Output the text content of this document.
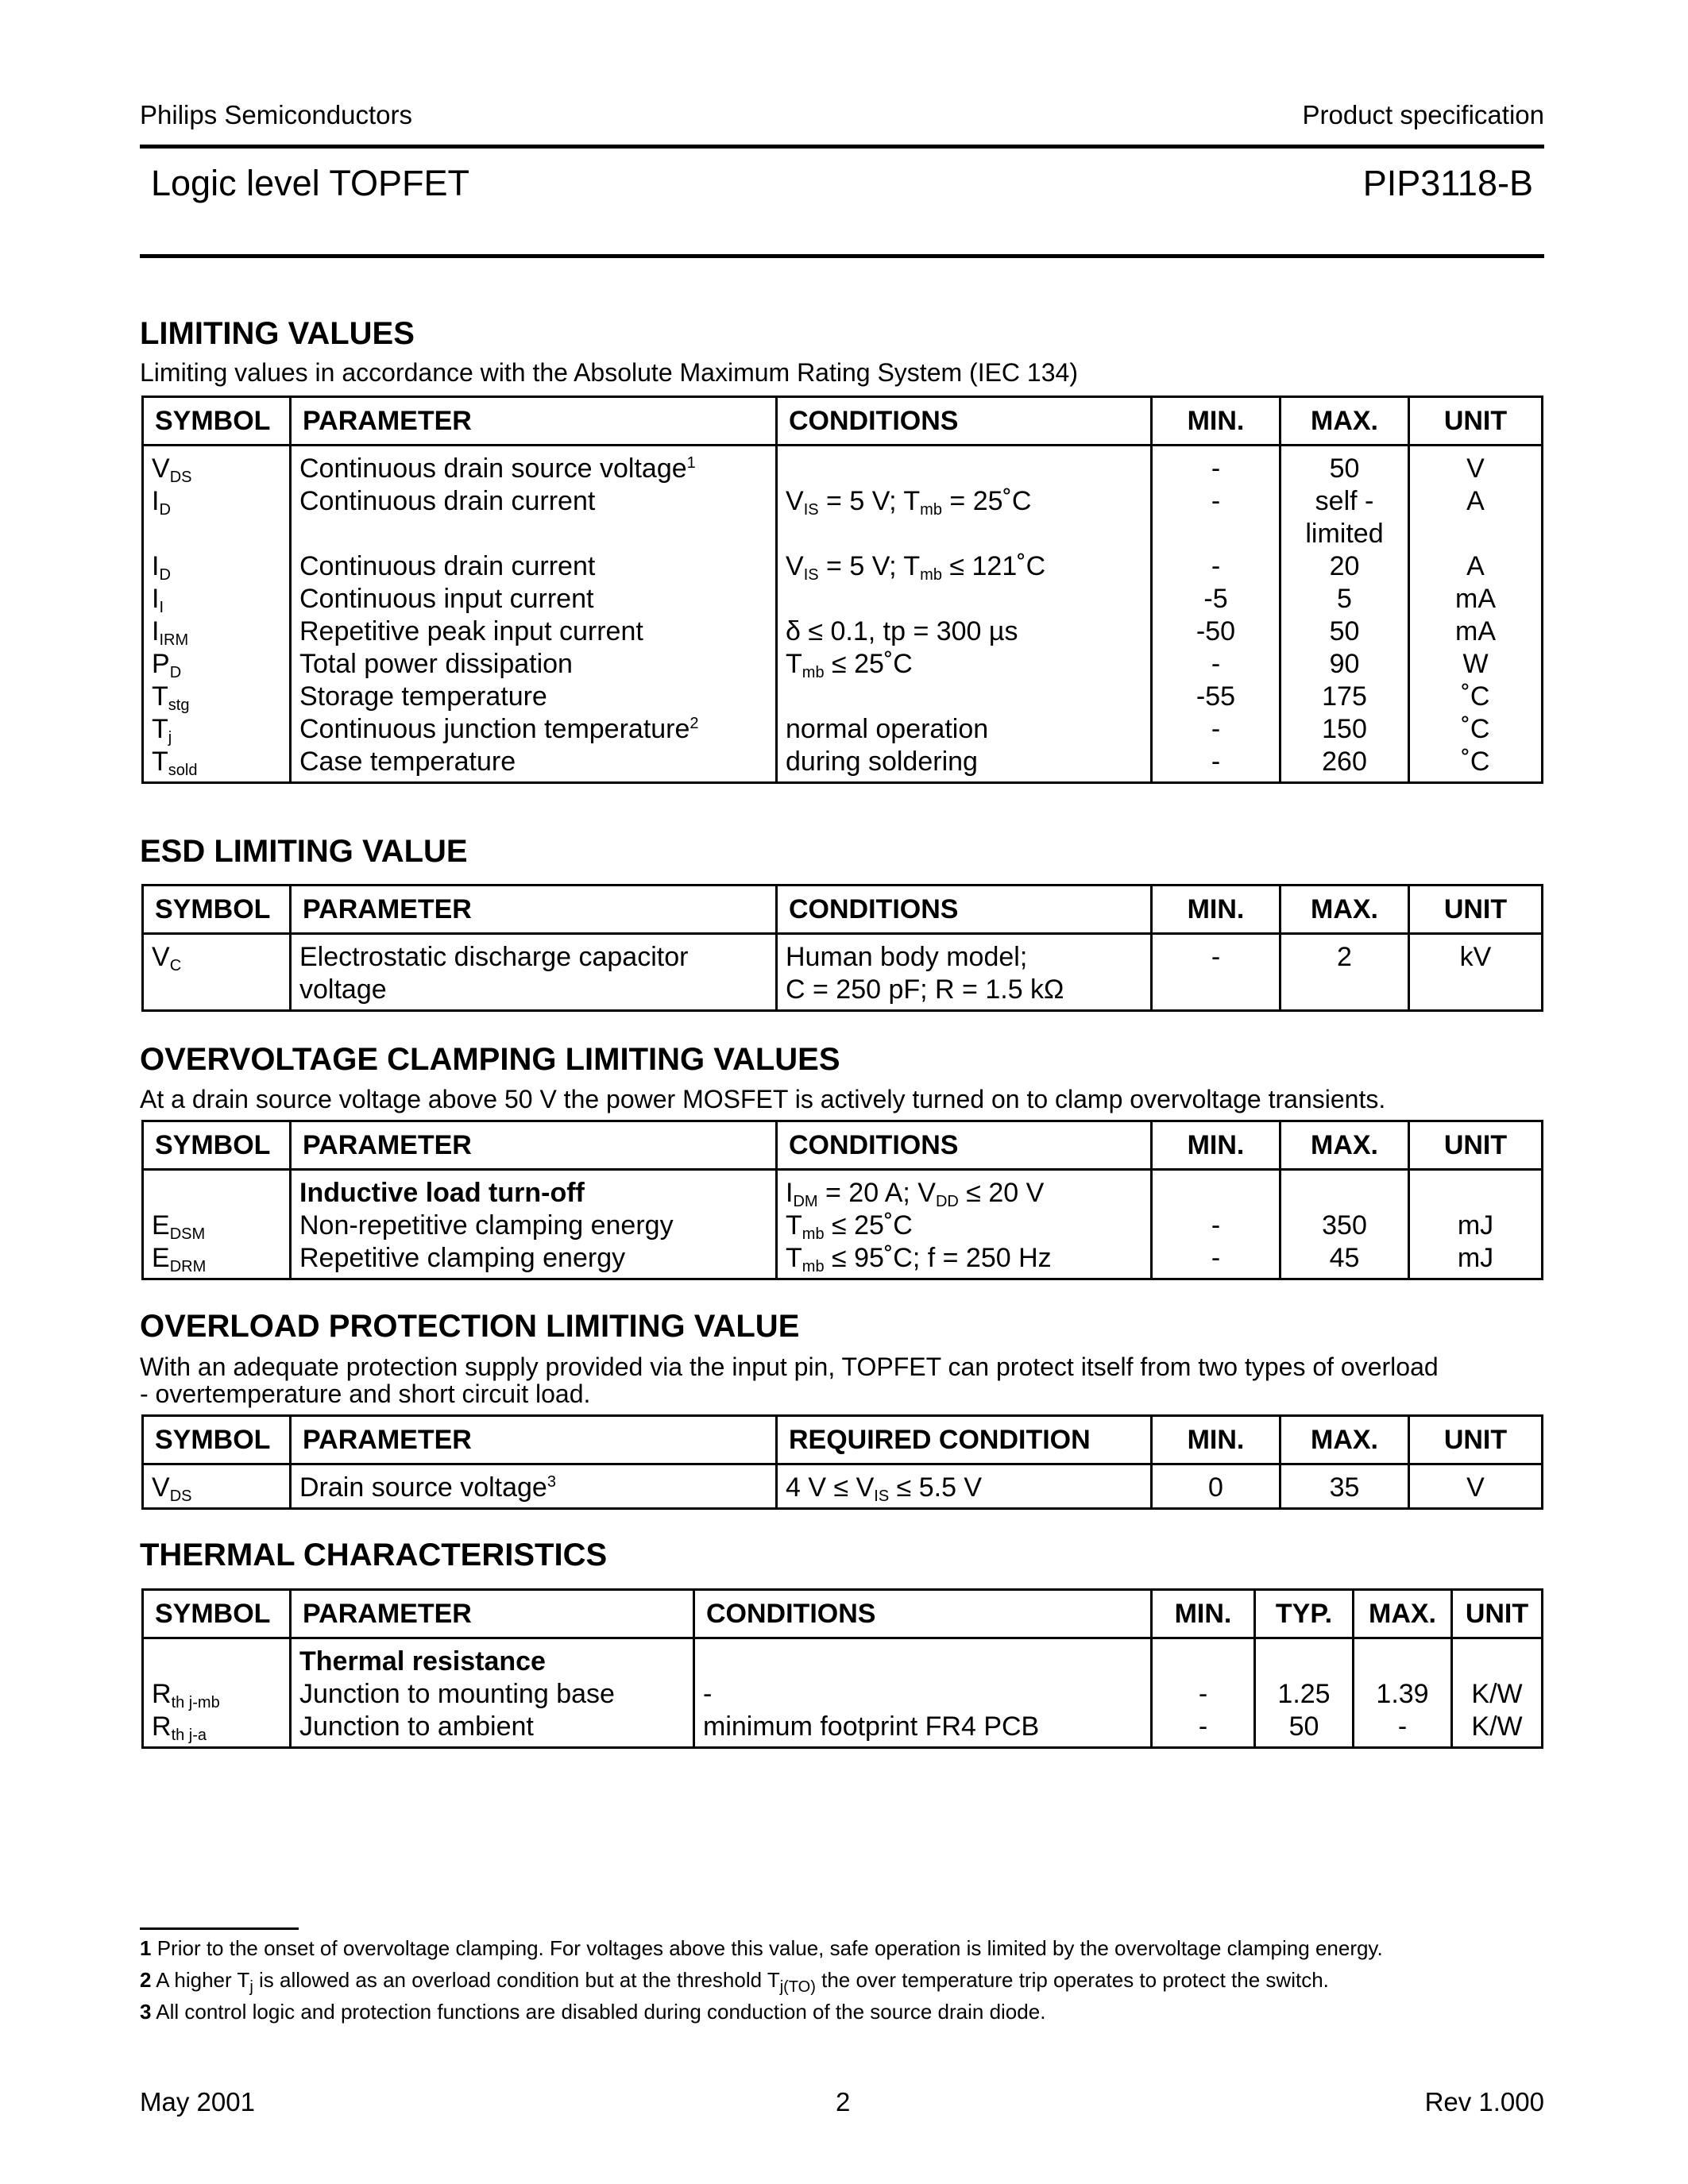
Philips Semiconductors	Product specification
Logic level TOPFET	PIP3118-B
LIMITING VALUES
Limiting values in accordance with the Absolute Maximum Rating System (IEC 134)
SYMBOL	PARAMETER	CONDITIONS	MIN.	MAX.	UNIT
$V_{DS}$	Continuous drain source voltage$^1$		-	50	V
$I_D$	Continuous drain current	$V_{IS} = 5$ V; $T_{mb}$ = 25˚C	-	self -	A
				limited	
$I_D$	Continuous drain current	$V_{IS} = 5$ V; $T_{mb}$ ≤ 121˚C	-	20	A
$I_I$	Continuous input current		-5	5	mA
$I_{IRM}$	Repetitive peak input current	δ ≤ 0.1, tp = 300 µs	-50	50	mA
$P_D$	Total power dissipation	$T_{mb}$ ≤ 25˚C	-	90	W
$T_{stg}$	Storage temperature		-55	175	˚C
$T_j$	Continuous junction temperature$^2$	normal operation	-	150	˚C
$T_{sold}$	Case temperature	during soldering	-	260	˚C
ESD LIMITING VALUE
SYMBOL	PARAMETER	CONDITIONS	MIN.	MAX.	UNIT
$V_C$	Electrostatic discharge capacitor	Human body model;	-	2	kV
	voltage	C = 250 pF; R = 1.5 kΩ			
OVERVOLTAGE CLAMPING LIMITING VALUES
At a drain source voltage above 50 V the power MOSFET is actively turned on to clamp overvoltage transients.
SYMBOL	PARAMETER	CONDITIONS	MIN.	MAX.	UNIT
	Inductive load turn-off	$I_{DM} = 20$ A; $V_{DD} \le 20$ V			
$E_{DSM}$	Non-repetitive clamping energy	$T_{mb}$ ≤ 25˚C	-	350	mJ
$E_{DRM}$	Repetitive clamping energy	$T_{mb}$ ≤ 95˚C; f = 250 Hz	-	45	mJ
OVERLOAD PROTECTION LIMITING VALUE
With an adequate protection supply provided via the input pin, TOPFET can protect itself from two types of overload
- overtemperature and short circuit load.
SYMBOL	PARAMETER	REQUIRED CONDITION	MIN.	MAX.	UNIT
$V_{DS}$	Drain source voltage$^3$	4 $V \le V_{IS} \le 5.5$ V	0	35	V
THERMAL CHARACTERISTICS
SYMBOL	PARAMETER	CONDITIONS	MIN.	TYP.	MAX.	UNIT
	Thermal resistance					
$R_{th j-mb}$	Junction to mounting base	-	-	1.25	1.39	K/W
$R_{th j-a}$	Junction to ambient	minimum footprint FR4 PCB	-	50	-	K/W
1 Prior to the onset of overvoltage clamping. For voltages above this value, safe operation is limited by the overvoltage clamping energy.
2 A higher $T_j$ is allowed as an overload condition but at the threshold $T_{j(TO)}$ the over temperature trip operates to protect the switch.
3 All control logic and protection functions are disabled during conduction of the source drain diode.
May 2001	2	Rev 1.000
